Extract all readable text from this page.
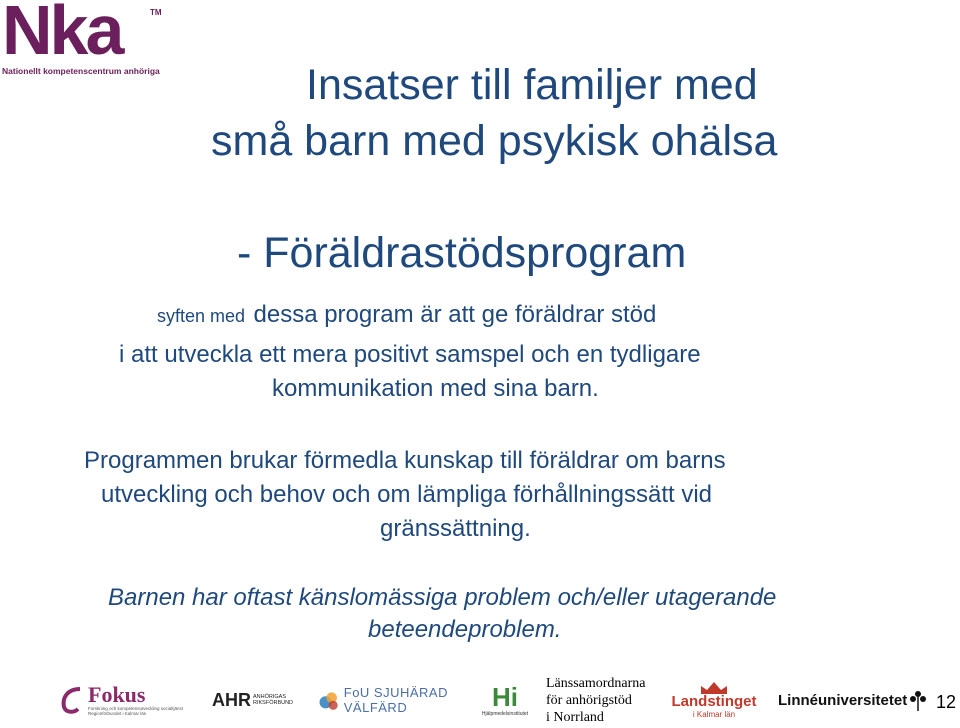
Nka	TM
Nationellt kompetenscentrum anhöriga	Insatser till familjer med
små barn med psykisk ohälsa
- Föräldrastödsprogram
syften med dessa program är att ge föräldrar stöd
i att utveckla ett mera positivt samspel och en tydligare
kommunikation med sina barn.
Programmen brukar förmedla kunskap till föräldrar om barns
utveckling och behov och om lämpliga förhållningssätt vid
gränssättning.
Barnen har oftast känslomässiga problem och/eller utagerande
beteendeproblem.
Fokus
Forskning och kompetensutveckling socialtjänst
Regionförbundet i Kalmar län
AHR ANHÖRIGAS
RIKSFÖRBUND
FoU SJUHÄRAD
VÄLFÄRD	Hi
Hjälpmedelsinstitutet
Länssamordnarna
för anhörigstöd
i Norrland
Landstinget
i Kalmar län
Linnéuniversitetet 12
